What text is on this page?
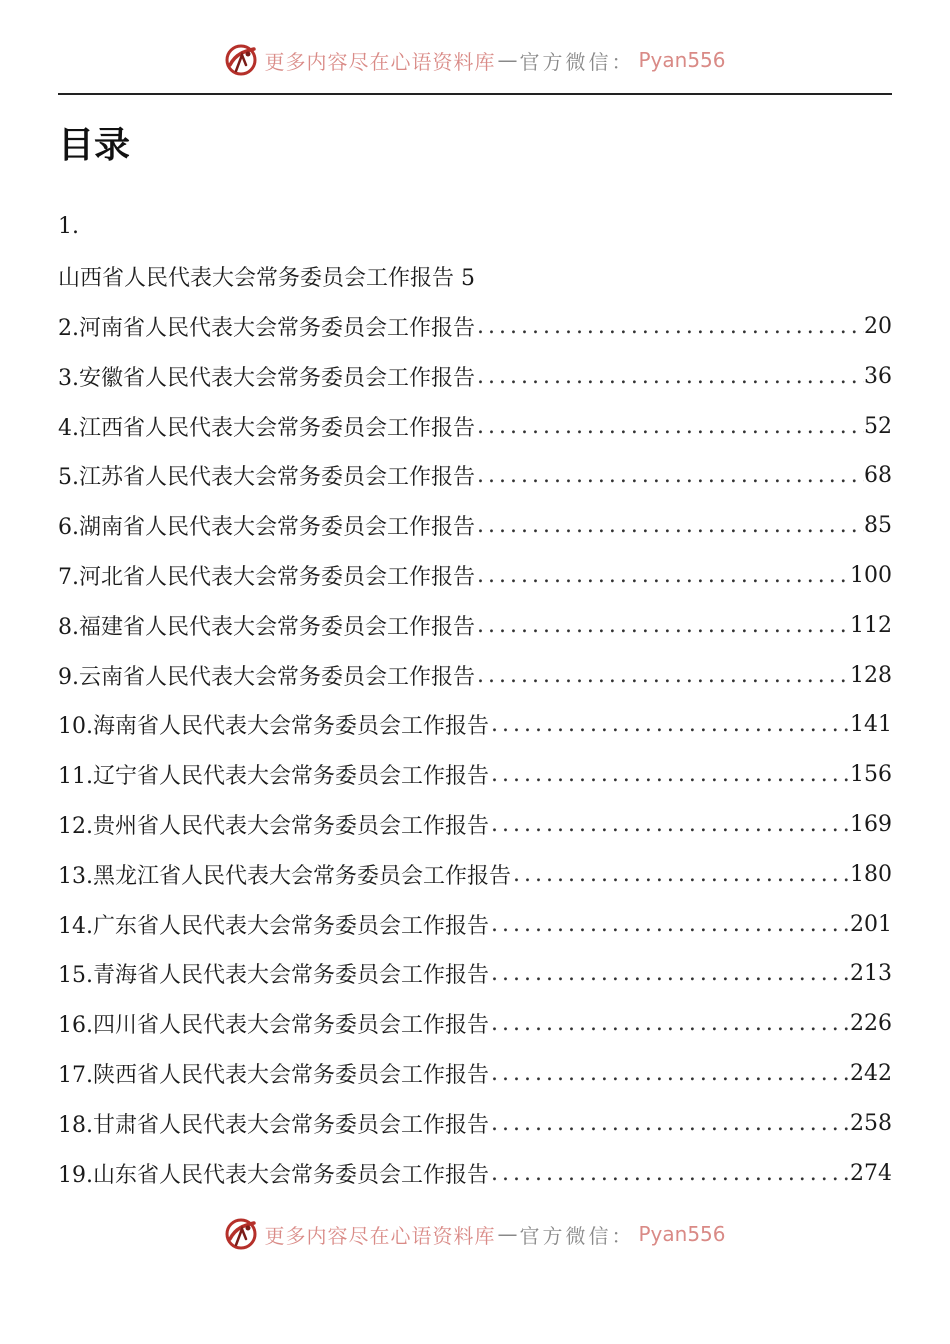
更多内容尽在心语资料库 — 官方微信： Pyan556
目录
1.
山西省人民代表大会常务委员会工作报告 5
2.河南省人民代表大会常务委员会工作报告 .....	20
3.安徽省人民代表大会常务委员会工作报告 .....	36
4.江西省人民代表大会常务委员会工作报告 .....	52
5.江苏省人民代表大会常务委员会工作报告 .....	68
6.湖南省人民代表大会常务委员会工作报告 .....	85
7.河北省人民代表大会常务委员会工作报告 .....	100
8.福建省人民代表大会常务委员会工作报告 .....	112
9.云南省人民代表大会常务委员会工作报告 .....	128
10.海南省人民代表大会常务委员会工作报告 .....	141
11.辽宁省人民代表大会常务委员会工作报告 .....	156
12.贵州省人民代表大会常务委员会工作报告 .....	169
13.黑龙江省人民代表大会常务委员会工作报告 .....	180
14.广东省人民代表大会常务委员会工作报告 .....	201
15.青海省人民代表大会常务委员会工作报告 .....	213
16.四川省人民代表大会常务委员会工作报告 .....	226
17.陕西省人民代表大会常务委员会工作报告 .....	242
18.甘肃省人民代表大会常务委员会工作报告 .....	258
19.山东省人民代表大会常务委员会工作报告 .....	274
更多内容尽在心语资料库 — 官方微信： Pyan556
